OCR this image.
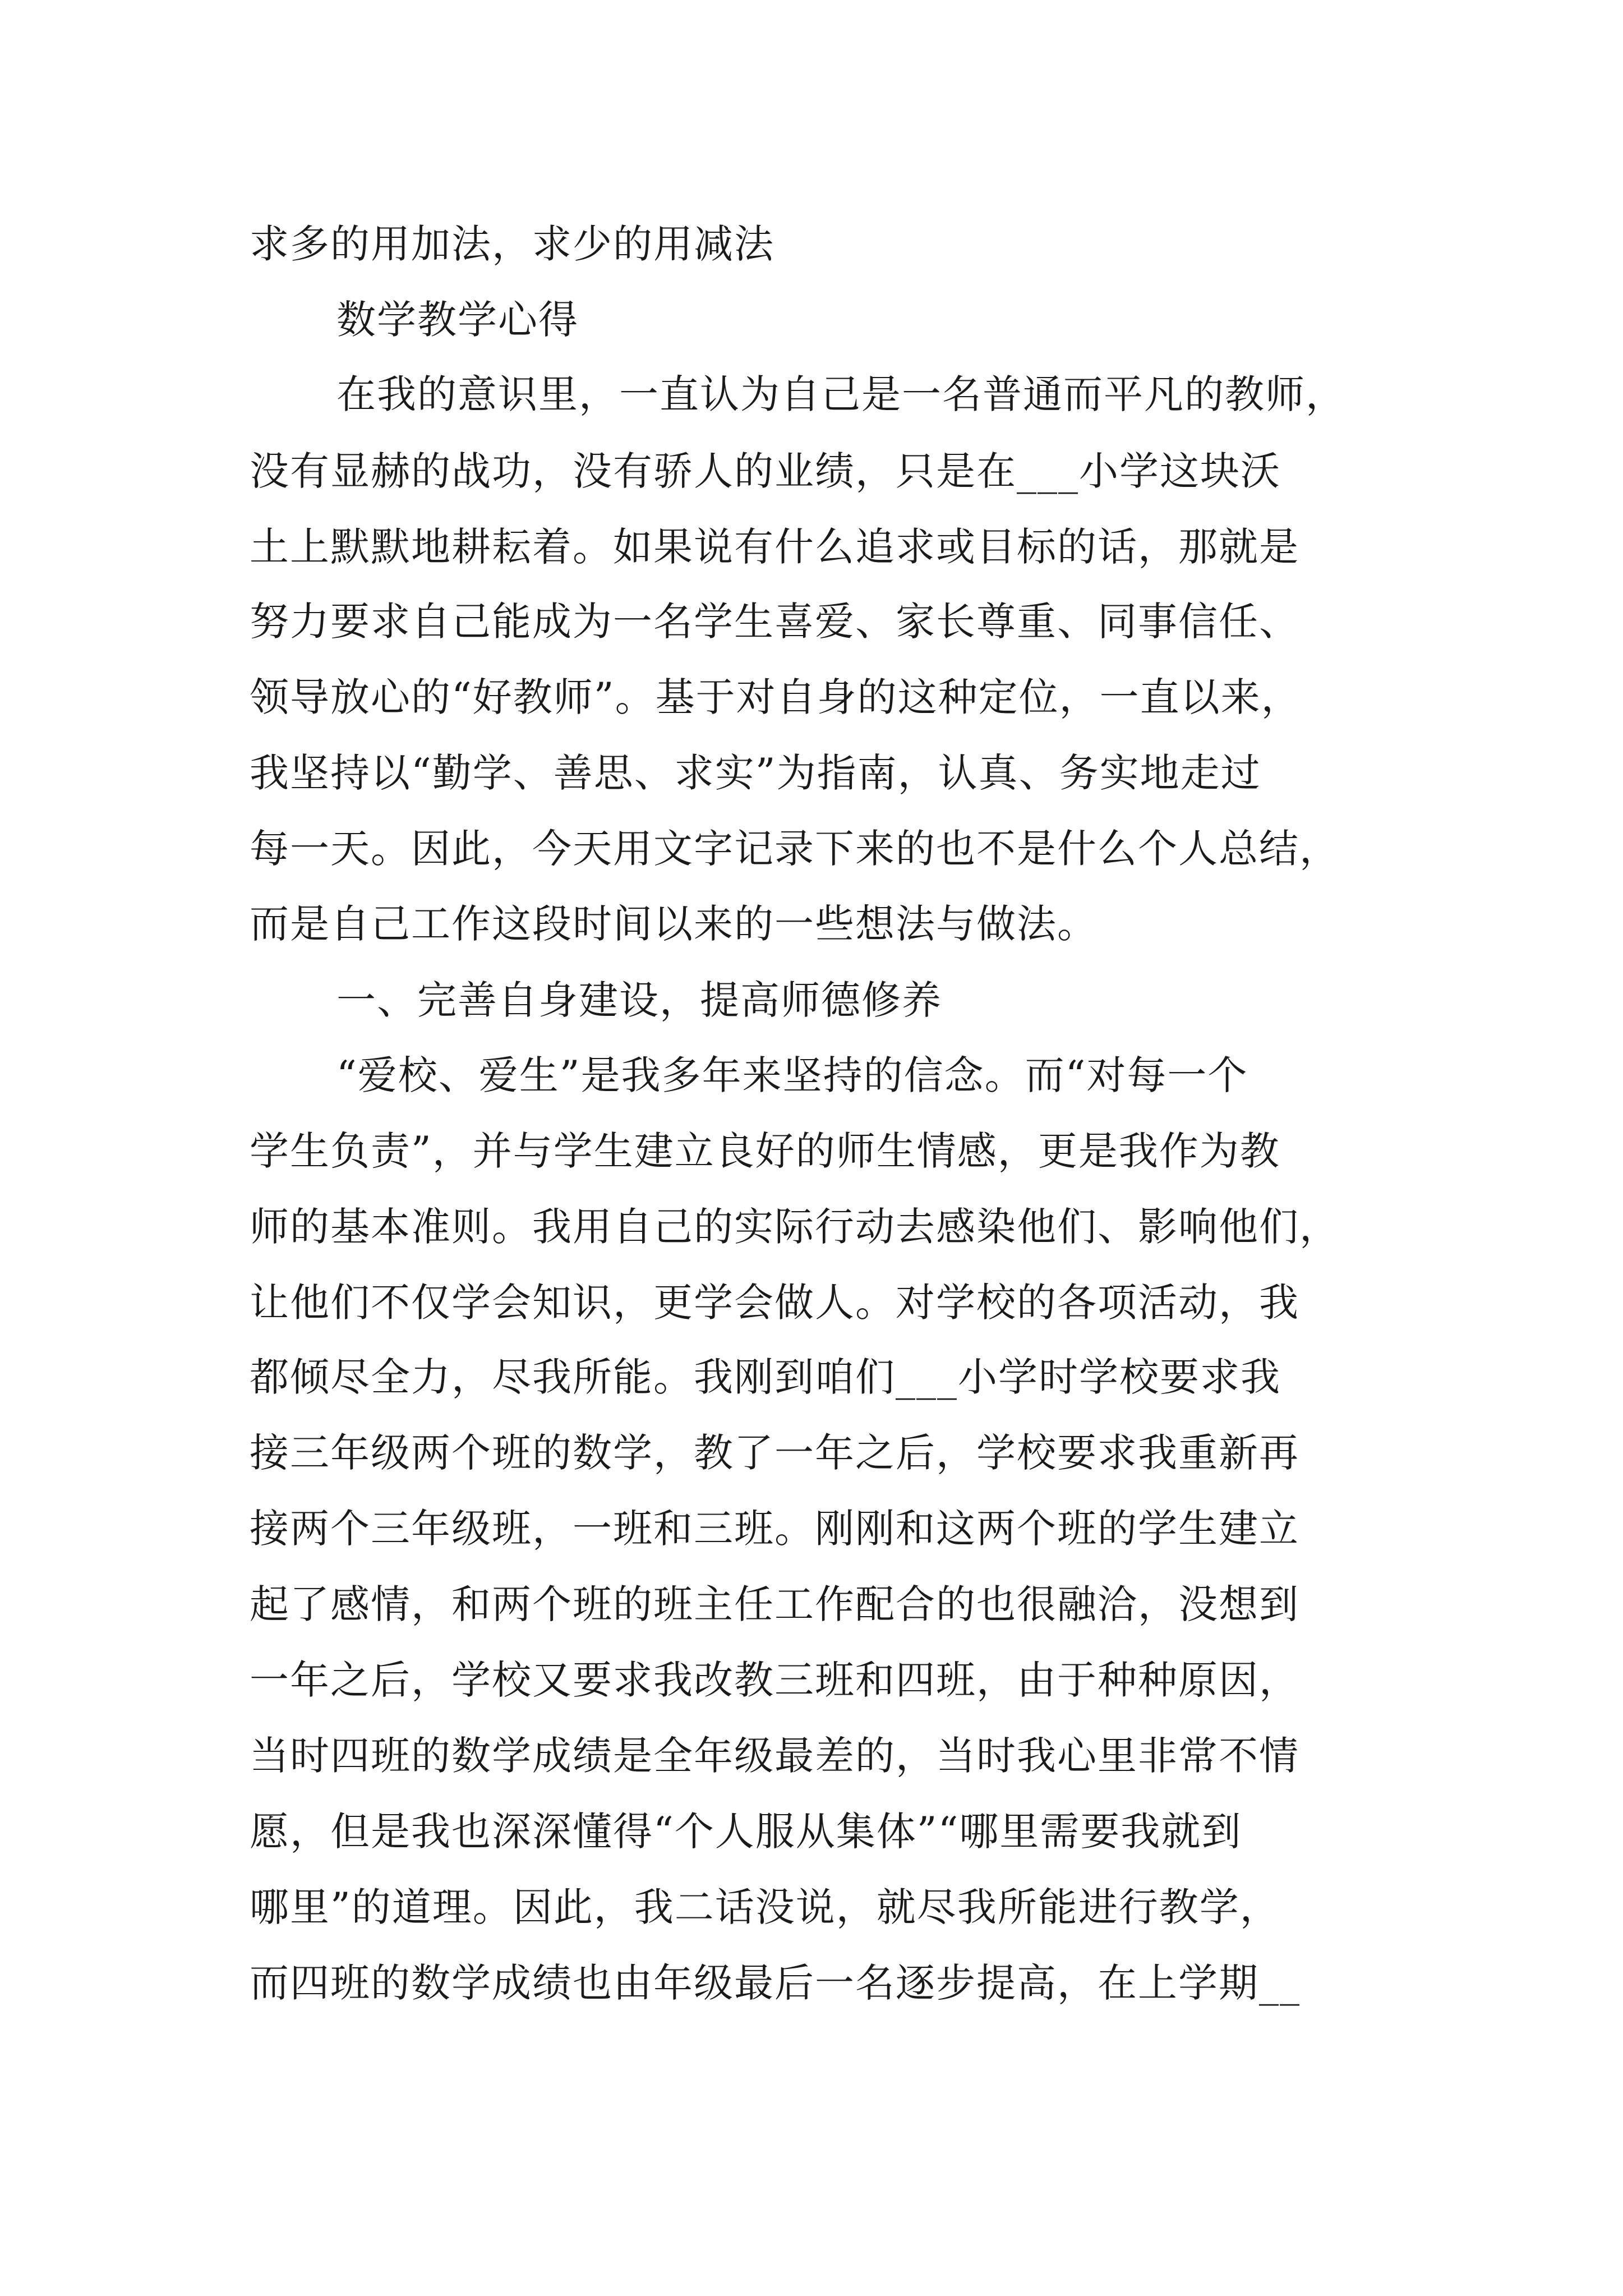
求多的用加法，求少的用减法
数学教学心得
在我的意识里，一直认为自己是一名普通而平凡的教师，
没有显赫的战功，没有骄人的业绩，只是在___小学这块沃
土上默默地耕耘着。如果说有什么追求或目标的话，那就是
努力要求自己能成为一名学生喜爱、家长尊重、同事信任、
领导放心的“好教师”。基于对自身的这种定位，一直以来，
我坚持以“勤学、善思、求实”为指南，认真、务实地走过
每一天。因此，今天用文字记录下来的也不是什么个人总结，
而是自己工作这段时间以来的一些想法与做法。
一、完善自身建设，提高师德修养
“爱校、爱生”是我多年来坚持的信念。而“对每一个
学生负责”，并与学生建立良好的师生情感，更是我作为教
师的基本准则。我用自己的实际行动去感染他们、影响他们，
让他们不仅学会知识，更学会做人。对学校的各项活动，我
都倾尽全力，尽我所能。我刚到咱们___小学时学校要求我
接三年级两个班的数学，教了一年之后，学校要求我重新再
接两个三年级班，一班和三班。刚刚和这两个班的学生建立
起了感情，和两个班的班主任工作配合的也很融洽，没想到
一年之后，学校又要求我改教三班和四班，由于种种原因，
当时四班的数学成绩是全年级最差的，当时我心里非常不情
愿，但是我也深深懂得“个人服从集体”“哪里需要我就到
哪里”的道理。因此，我二话没说，就尽我所能进行教学，
而四班的数学成绩也由年级最后一名逐步提高，在上学期__
